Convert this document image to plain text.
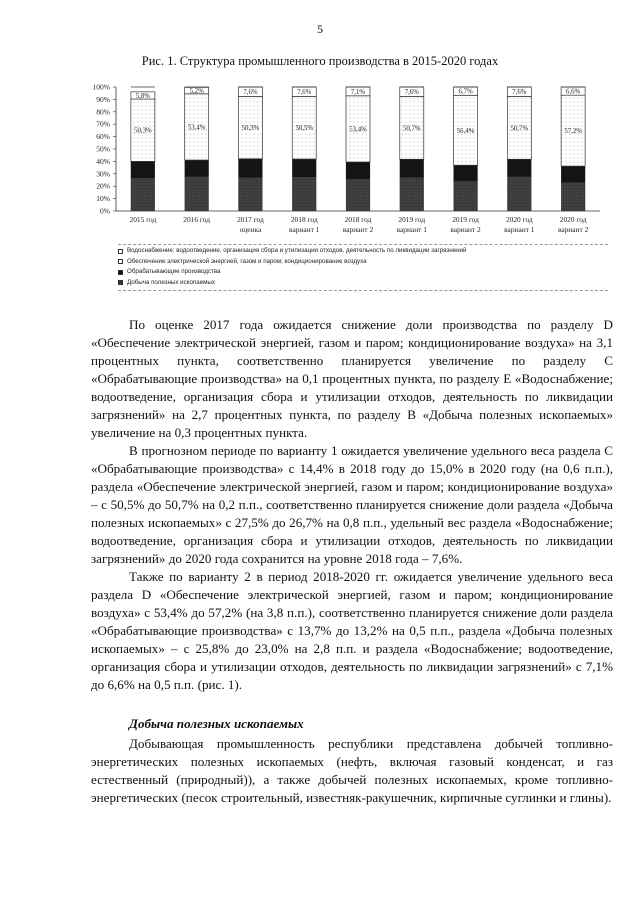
5
Рис. 1. Структура промышленного производства в 2015-2020 годах
0%
10%
20%
30%
40%
50%
60%
70%
80%
90%
100%
50,3%
5,8%
2015 год
53,4%
5,2%
2016 год
50,3%
7,6%
2017 год
оценка
50,5%
7,6%
2018 год
вариант 1
53,4%
7,1%
2018 год
вариант 2
50,7%
7,6%
2019 год
вариант 1
56,4%
6,7%
2019 год
вариант 2
50,7%
7,6%
2020 год
вариант 1
57,2%
6,6%
2020 год
вариант 2
Водоснабжение; водоотведение, организация сбора и утилизации отходов, деятельность по ликвидации загрязнений
Обеспечение электрической энергией, газом и паром; кондиционирование воздуха
Обрабатывающие производства
Добыча полезных ископаемых

По оценке 2017 года ожидается снижение доли производства по разделу D «Обеспечение электрической энергией, газом и паром; кондиционирование воздуха» на 3,1 процентных пункта, соответственно планируется увеличение по разделу С «Обрабатывающие производства» на 0,1 процентных пункта, по разделу Е «Водоснабжение; водоотведение, организация сбора и утилизации отходов, деятельность по ликвидации загрязнений» на 2,7 процентных пункта, по разделу В «Добыча полезных ископаемых» увеличение на 0,3 процентных пункта.

В прогнозном периоде по варианту 1 ожидается увеличение удельного веса раздела С «Обрабатывающие производства» с 14,4% в 2018 году до 15,0% в 2020 году (на 0,6 п.п.), раздела «Обеспечение электрической энергией, газом и паром; кондиционирование воздуха» – с 50,5% до 50,7% на 0,2 п.п., соответственно планируется снижение доли раздела «Добыча полезных ископаемых» с 27,5% до 26,7% на 0,8 п.п., удельный вес раздела «Водоснабжение; водоотведение, организация сбора и утилизации отходов, деятельность по ликвидации загрязнений» до 2020 года сохранится на уровне 2018 года – 7,6%.

Также по варианту 2 в период 2018-2020 гг. ожидается увеличение удельного веса раздела D «Обеспечение электрической энергией, газом и паром; кондиционирование воздуха» с 53,4% до 57,2% (на 3,8 п.п.), соответственно планируется снижение доли раздела «Обрабатывающие производства» с 13,7% до 13,2% на 0,5 п.п., раздела «Добыча полезных ископаемых» – с 25,8% до 23,0% на 2,8 п.п. и раздела «Водоснабжение; водоотведение, организация сбора и утилизации отходов, деятельность по ликвидации загрязнений» с 7,1% до 6,6% на 0,5 п.п. (рис. 1).

Добыча полезных ископаемых

Добывающая промышленность республики представлена добычей топливно-энергетических полезных ископаемых (нефть, включая газовый конденсат, и газ естественный (природный)), а также добычей полезных ископаемых, кроме топливно-энергетических (песок строительный, известняк-ракушечник, кирпичные суглинки и глины).
